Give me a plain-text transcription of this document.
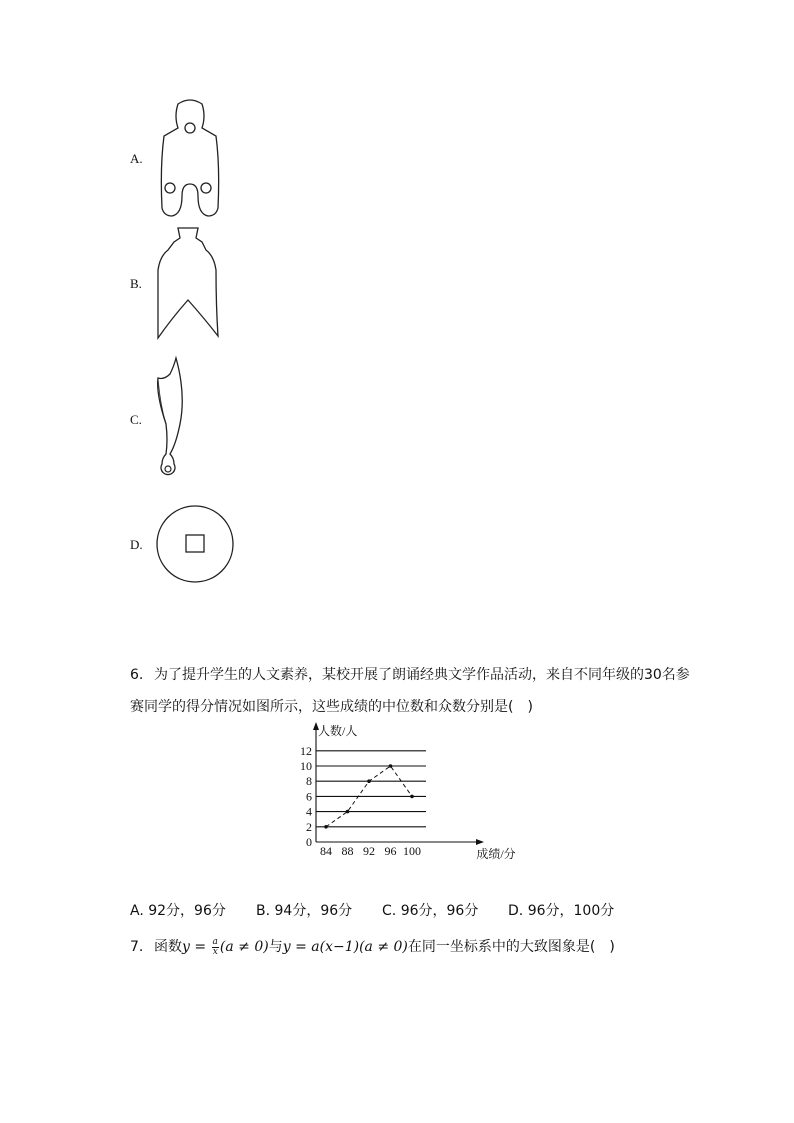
A.
B.
C.
D.
6. 为了提升学生的人文素养，某校开展了朗诵经典文学作品活动，来自不同年级的30名参
赛同学的得分情况如图所示，这些成绩的中位数和众数分别是(　)
0
2
4
6
8
10
12
人数/人
成绩/分
84 88 92 96 100
A. 92分，96分 B. 94分，96分 C. 96分，96分 D. 96分，100分
7. 函数$y = \frac{a}{x} (a \ne 0)$与y = a(x−1)(a ≠ 0)在同一坐标系中的大致图象是(　)
